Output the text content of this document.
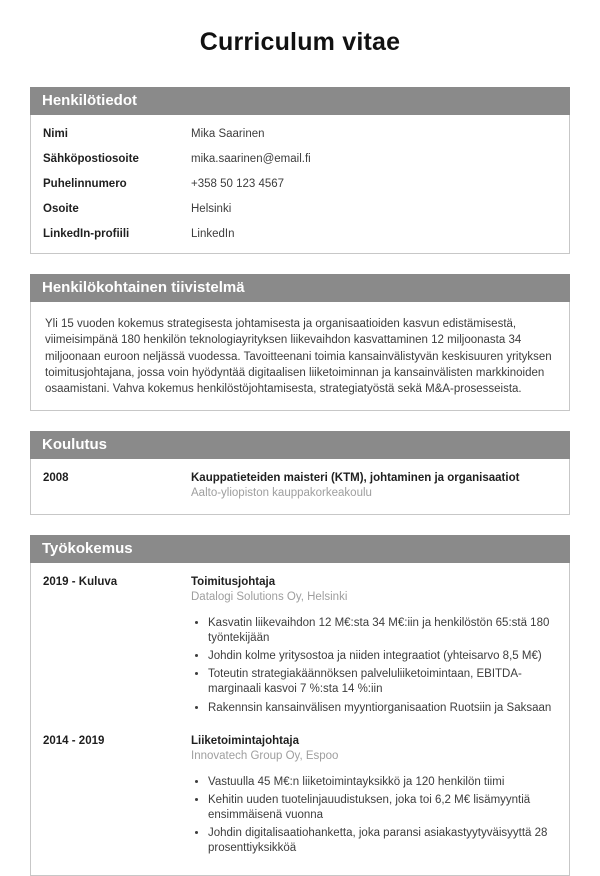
Curriculum vitae
Henkilötiedot
Nimi	Mika Saarinen
Sähköpostiosoite	mika.saarinen@email.fi
Puhelinnumero	+358 50 123 4567
Osoite	Helsinki
LinkedIn-profiili	LinkedIn
Henkilökohtainen tiivistelmä

Yli 15 vuoden kokemus strategisesta johtamisesta ja organisaatioiden kasvun edistämisestä, viimeisimpänä 180 henkilön teknologiayrityksen liikevaihdon kasvattaminen 12 miljoonasta 34 miljoonaan euroon neljässä vuodessa. Tavoitteenani toimia kansainvälistyvän keskisuuren yrityksen toimitusjohtajana, jossa voin hyödyntää digitaalisen liiketoiminnan ja kansainvälisten markkinoiden osaamistani. Vahva kokemus henkilöstöjohtamisesta, strategiatyöstä sekä M&A-prosesseista.

Koulutus
2008	Kauppatieteiden maisteri (KTM), johtaminen ja organisaatiot
Aalto-yliopiston kauppakorkeakoulu
Työkokemus
2019 - Kuluva	Toimitusjohtaja
Datalogi Solutions Oy, Helsinki
• Kasvatin liikevaihdon 12 M€:sta 34 M€:iin ja henkilöstön 65:stä 180 työntekijään
• Johdin kolme yritysostoa ja niiden integraatiot (yhteisarvo 8,5 M€)
• Toteutin strategiakäännöksen palveluliiketoimintaan, EBITDA-marginaali kasvoi 7 %:sta 14 %:iin
• Rakennsin kansainvälisen myyntiorganisaation Ruotsiin ja Saksaan
2014 - 2019	Liiketoimintajohtaja
Innovatech Group Oy, Espoo
• Vastuulla 45 M€:n liiketoimintayksikkö ja 120 henkilön tiimi
• Kehitin uuden tuotelinjauudistuksen, joka toi 6,2 M€ lisämyyntiä ensimmäisenä vuonna
• Johdin digitalisaatiohanketta, joka paransi asiakastyytyväisyyttä 28 prosenttiyksikköä
